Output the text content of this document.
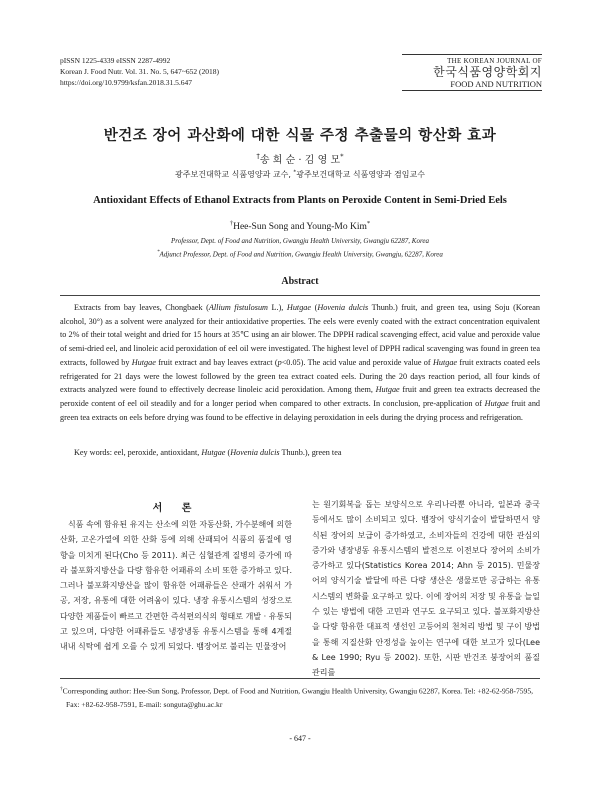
pISSN 1225-4339 eISSN 2287-4992
Korean J. Food Nutr. Vol. 31. No. 5, 647~652 (2018)
https://doi.org/10.9799/ksfan.2018.31.5.647
THE KOREAN JOURNAL OF
한국식품영양학회지
FOOD AND NUTRITION
반건조 장어 과산화에 대한 식물 주정 추출물의 항산화 효과
†송 희 순 · 김 영 모*
광주보건대학교 식품영양과 교수, *광주보건대학교 식품영양과 겸임교수
Antioxidant Effects of Ethanol Extracts from Plants on Peroxide Content in Semi-Dried Eels
†Hee-Sun Song and Young-Mo Kim*
Professor, Dept. of Food and Nutrition, Gwangju Health University, Gwangju 62287, Korea
*Adjunct Professor, Dept. of Food and Nutrition, Gwangju Health University, Gwangju, 62287, Korea
Abstract
Extracts from bay leaves, Chongbaek (Allium fistulosum L.), Hutgae (Hovenia dulcis Thunb.) fruit, and green tea, using Soju (Korean alcohol, 30°) as a solvent were analyzed for their antioxidative properties. The eels were evenly coated with the extract concentration equivalent to 2% of their total weight and dried for 15 hours at 35℃ using an air blower. The DPPH radical scavenging effect, acid value and peroxide value of semi-dried eel, and linoleic acid peroxidation of eel oil were investigated. The highest level of DPPH radical scavenging was found in green tea extracts, followed by Hutgae fruit extract and bay leaves extract (p<0.05). The acid value and peroxide value of Hutgae fruit extracts coated eels refrigerated for 21 days were the lowest followed by the green tea extract coated eels. During the 20 days reaction period, all four kinds of extracts analyzed were found to effectively decrease linoleic acid peroxidation. Among them, Hutgae fruit and green tea extracts decreased the peroxide content of eel oil steadily and for a longer period when compared to other extracts. In conclusion, pre-application of Hutgae fruit and green tea extracts on eels before drying was found to be effective in delaying peroxidation in eels during the drying process and refrigeration.
Key words: eel, peroxide, antioxidant, Hutgae (Hovenia dulcis Thunb.), green tea
서 론
식품 속에 함유된 유지는 산소에 의한 자동산화, 가수분해에 의한 산화, 고온가열에 의한 산화 등에 의해 산패되어 식품의 품질에 영향을 미치게 된다(Cho 등 2011). 최근 심혈관계 질병의 증가에 따라 불포화지방산을 다량 함유한 어패류의 소비 또한 증가하고 있다. 그러나 불포화지방산을 많이 함유한 어패류들은 산패가 쉬워서 가공, 저장, 유통에 대한 어려움이 있다. 냉장 유통시스템의 성장으로 다양한 제품들이 빠르고 간편한 즉석편의식의 형태로 개발 · 유통되고 있으며, 다양한 어패류들도 냉장냉동 유통시스템을 통해 4계절 내내 식탁에 쉽게 오를 수 있게 되었다. 뱀장어로 불리는 민물장어
는 원기회복을 돕는 보양식으로 우리나라뿐 아니라, 일본과 중국 등에서도 많이 소비되고 있다. 뱀장어 양식기술이 발달하면서 양식된 장어의 보급이 증가하였고, 소비자들의 건강에 대한 관심의 증가와 냉장냉동 유통시스템의 발전으로 이전보다 장어의 소비가 증가하고 있다(Statistics Korea 2014; Ahn 등 2015). 민물장어의 양식기술 발달에 따른 다량 생산은 생물로만 공급하는 유통시스템의 변화를 요구하고 있다. 이에 장어의 저장 및 유통을 늘일 수 있는 방법에 대한 고민과 연구도 요구되고 있다. 불포화지방산을 다량 함유한 대표적 생선인 고등어의 천처리 방법 및 구이 방법을 통해 지질산화 안정성을 높이는 연구에 대한 보고가 있다(Lee & Lee 1990; Ryu 등 2002). 또한, 시판 반건조 붕장어의 품질관리를
†Corresponding author: Hee-Sun Song, Professor, Dept. of Food and Nutrition, Gwangju Health University, Gwangju 62287, Korea. Tel: +82-62-958-7595, Fax: +82-62-958-7591, E-mail: songuta@ghu.ac.kr
- 647 -
